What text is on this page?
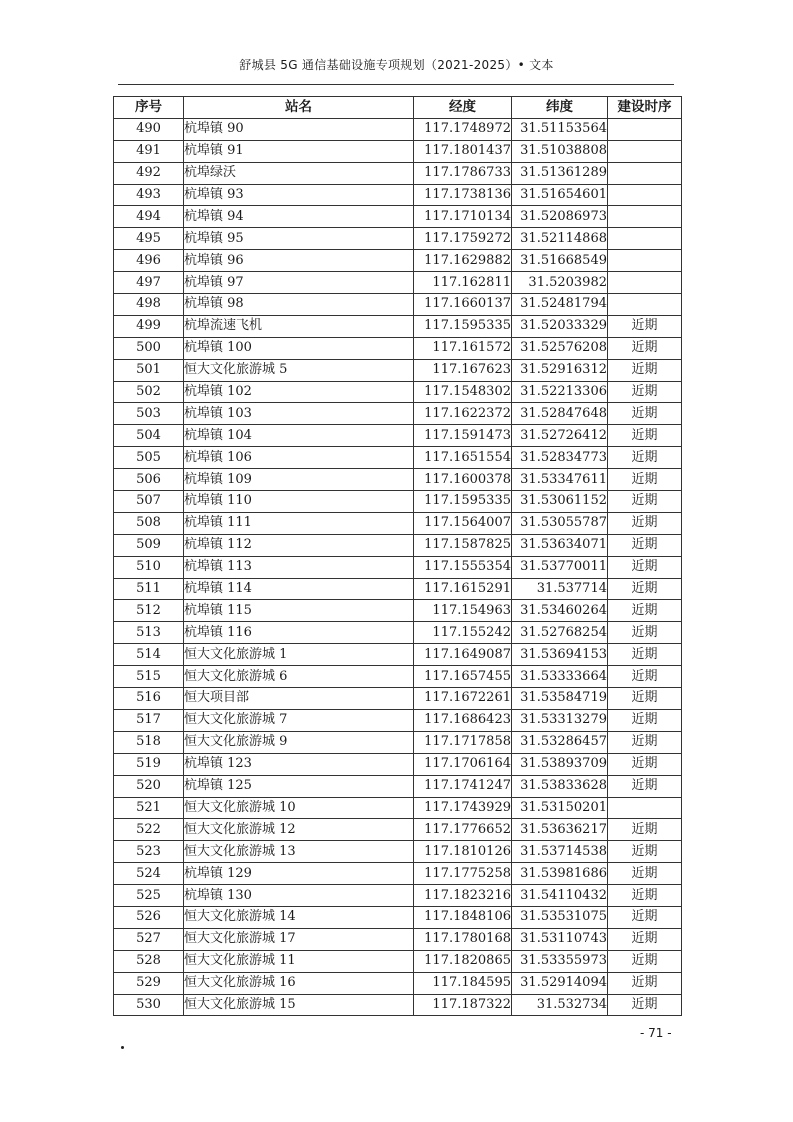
舒城县 5G 通信基础设施专项规划（2021-2025）• 文本
序号	站名	经度	纬度	建设时序
490	杭埠镇 90	117.1748972	31.51153564	
491	杭埠镇 91	117.1801437	31.51038808	
492	杭埠绿沃	117.1786733	31.51361289	
493	杭埠镇 93	117.1738136	31.51654601	
494	杭埠镇 94	117.1710134	31.52086973	
495	杭埠镇 95	117.1759272	31.52114868	
496	杭埠镇 96	117.1629882	31.51668549	
497	杭埠镇 97	117.162811	31.5203982	
498	杭埠镇 98	117.1660137	31.52481794	
499	杭埠流速飞机	117.1595335	31.52033329	近期
500	杭埠镇 100	117.161572	31.52576208	近期
501	恒大文化旅游城 5	117.167623	31.52916312	近期
502	杭埠镇 102	117.1548302	31.52213306	近期
503	杭埠镇 103	117.1622372	31.52847648	近期
504	杭埠镇 104	117.1591473	31.52726412	近期
505	杭埠镇 106	117.1651554	31.52834773	近期
506	杭埠镇 109	117.1600378	31.53347611	近期
507	杭埠镇 110	117.1595335	31.53061152	近期
508	杭埠镇 111	117.1564007	31.53055787	近期
509	杭埠镇 112	117.1587825	31.53634071	近期
510	杭埠镇 113	117.1555354	31.53770011	近期
511	杭埠镇 114	117.1615291	31.537714	近期
512	杭埠镇 115	117.154963	31.53460264	近期
513	杭埠镇 116	117.155242	31.52768254	近期
514	恒大文化旅游城 1	117.1649087	31.53694153	近期
515	恒大文化旅游城 6	117.1657455	31.53333664	近期
516	恒大项目部	117.1672261	31.53584719	近期
517	恒大文化旅游城 7	117.1686423	31.53313279	近期
518	恒大文化旅游城 9	117.1717858	31.53286457	近期
519	杭埠镇 123	117.1706164	31.53893709	近期
520	杭埠镇 125	117.1741247	31.53833628	近期
521	恒大文化旅游城 10	117.1743929	31.53150201	
522	恒大文化旅游城 12	117.1776652	31.53636217	近期
523	恒大文化旅游城 13	117.1810126	31.53714538	近期
524	杭埠镇 129	117.1775258	31.53981686	近期
525	杭埠镇 130	117.1823216	31.54110432	近期
526	恒大文化旅游城 14	117.1848106	31.53531075	近期
527	恒大文化旅游城 17	117.1780168	31.53110743	近期
528	恒大文化旅游城 11	117.1820865	31.53355973	近期
529	恒大文化旅游城 16	117.184595	31.52914094	近期
530	恒大文化旅游城 15	117.187322	31.532734	近期
- 71 -
